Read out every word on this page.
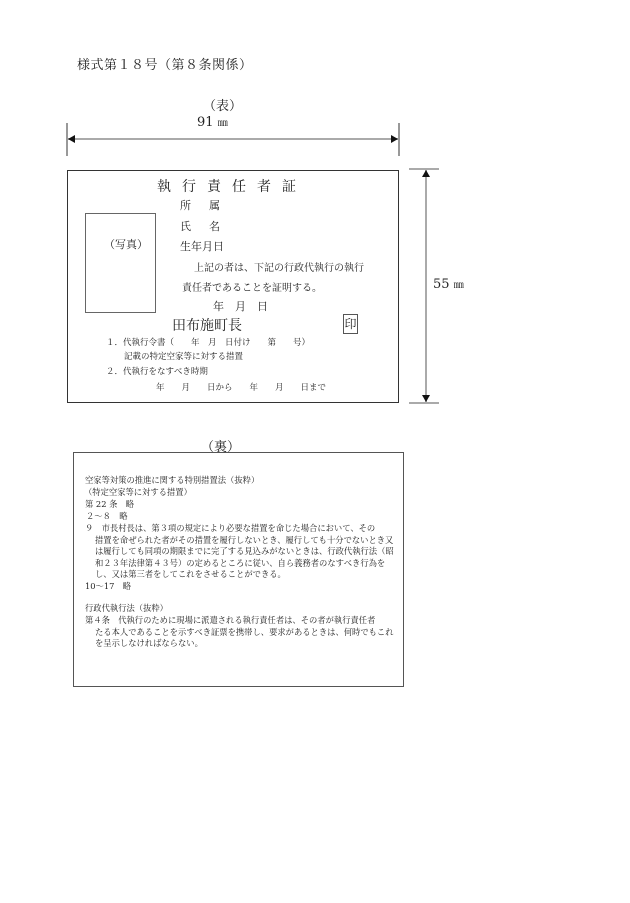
様式第１８号（第８条関係）
（表）
91 ㎜
55 ㎜
執行責任者証
（写真）
所属
氏名
生年月日
上記の者は、下記の行政代執行の執行
責任者であることを証明する。
年　月　日
田布施町長	印
１．代執行令書（　　年　月　日付け　　第　　号）
記載の特定空家等に対する措置
２．代執行をなすべき時期
年　　月　　日から　　年　　月　　日まで
（裏）
空家等対策の推進に関する特別措置法（抜粋）
（特定空家等に対する措置）
第 22 条　略
２～８　略
９　市長村長は、第３項の規定により必要な措置を命じた場合において、その
措置を命ぜられた者がその措置を履行しないとき、履行しても十分でないとき又は履行しても同項の期限までに完了する見込みがないときは、行政代執行法（昭和２３年法律第４３号）の定めるところに従い、自ら義務者のなすべき行為をし、又は第三者をしてこれをさせることができる。
10～17　略
行政代執行法（抜粋）
第４条　代執行のために現場に派遣される執行責任者は、その者が執行責任者
たる本人であることを示すべき証票を携帯し、要求があるときは、何時でもこれを呈示しなければならない。
